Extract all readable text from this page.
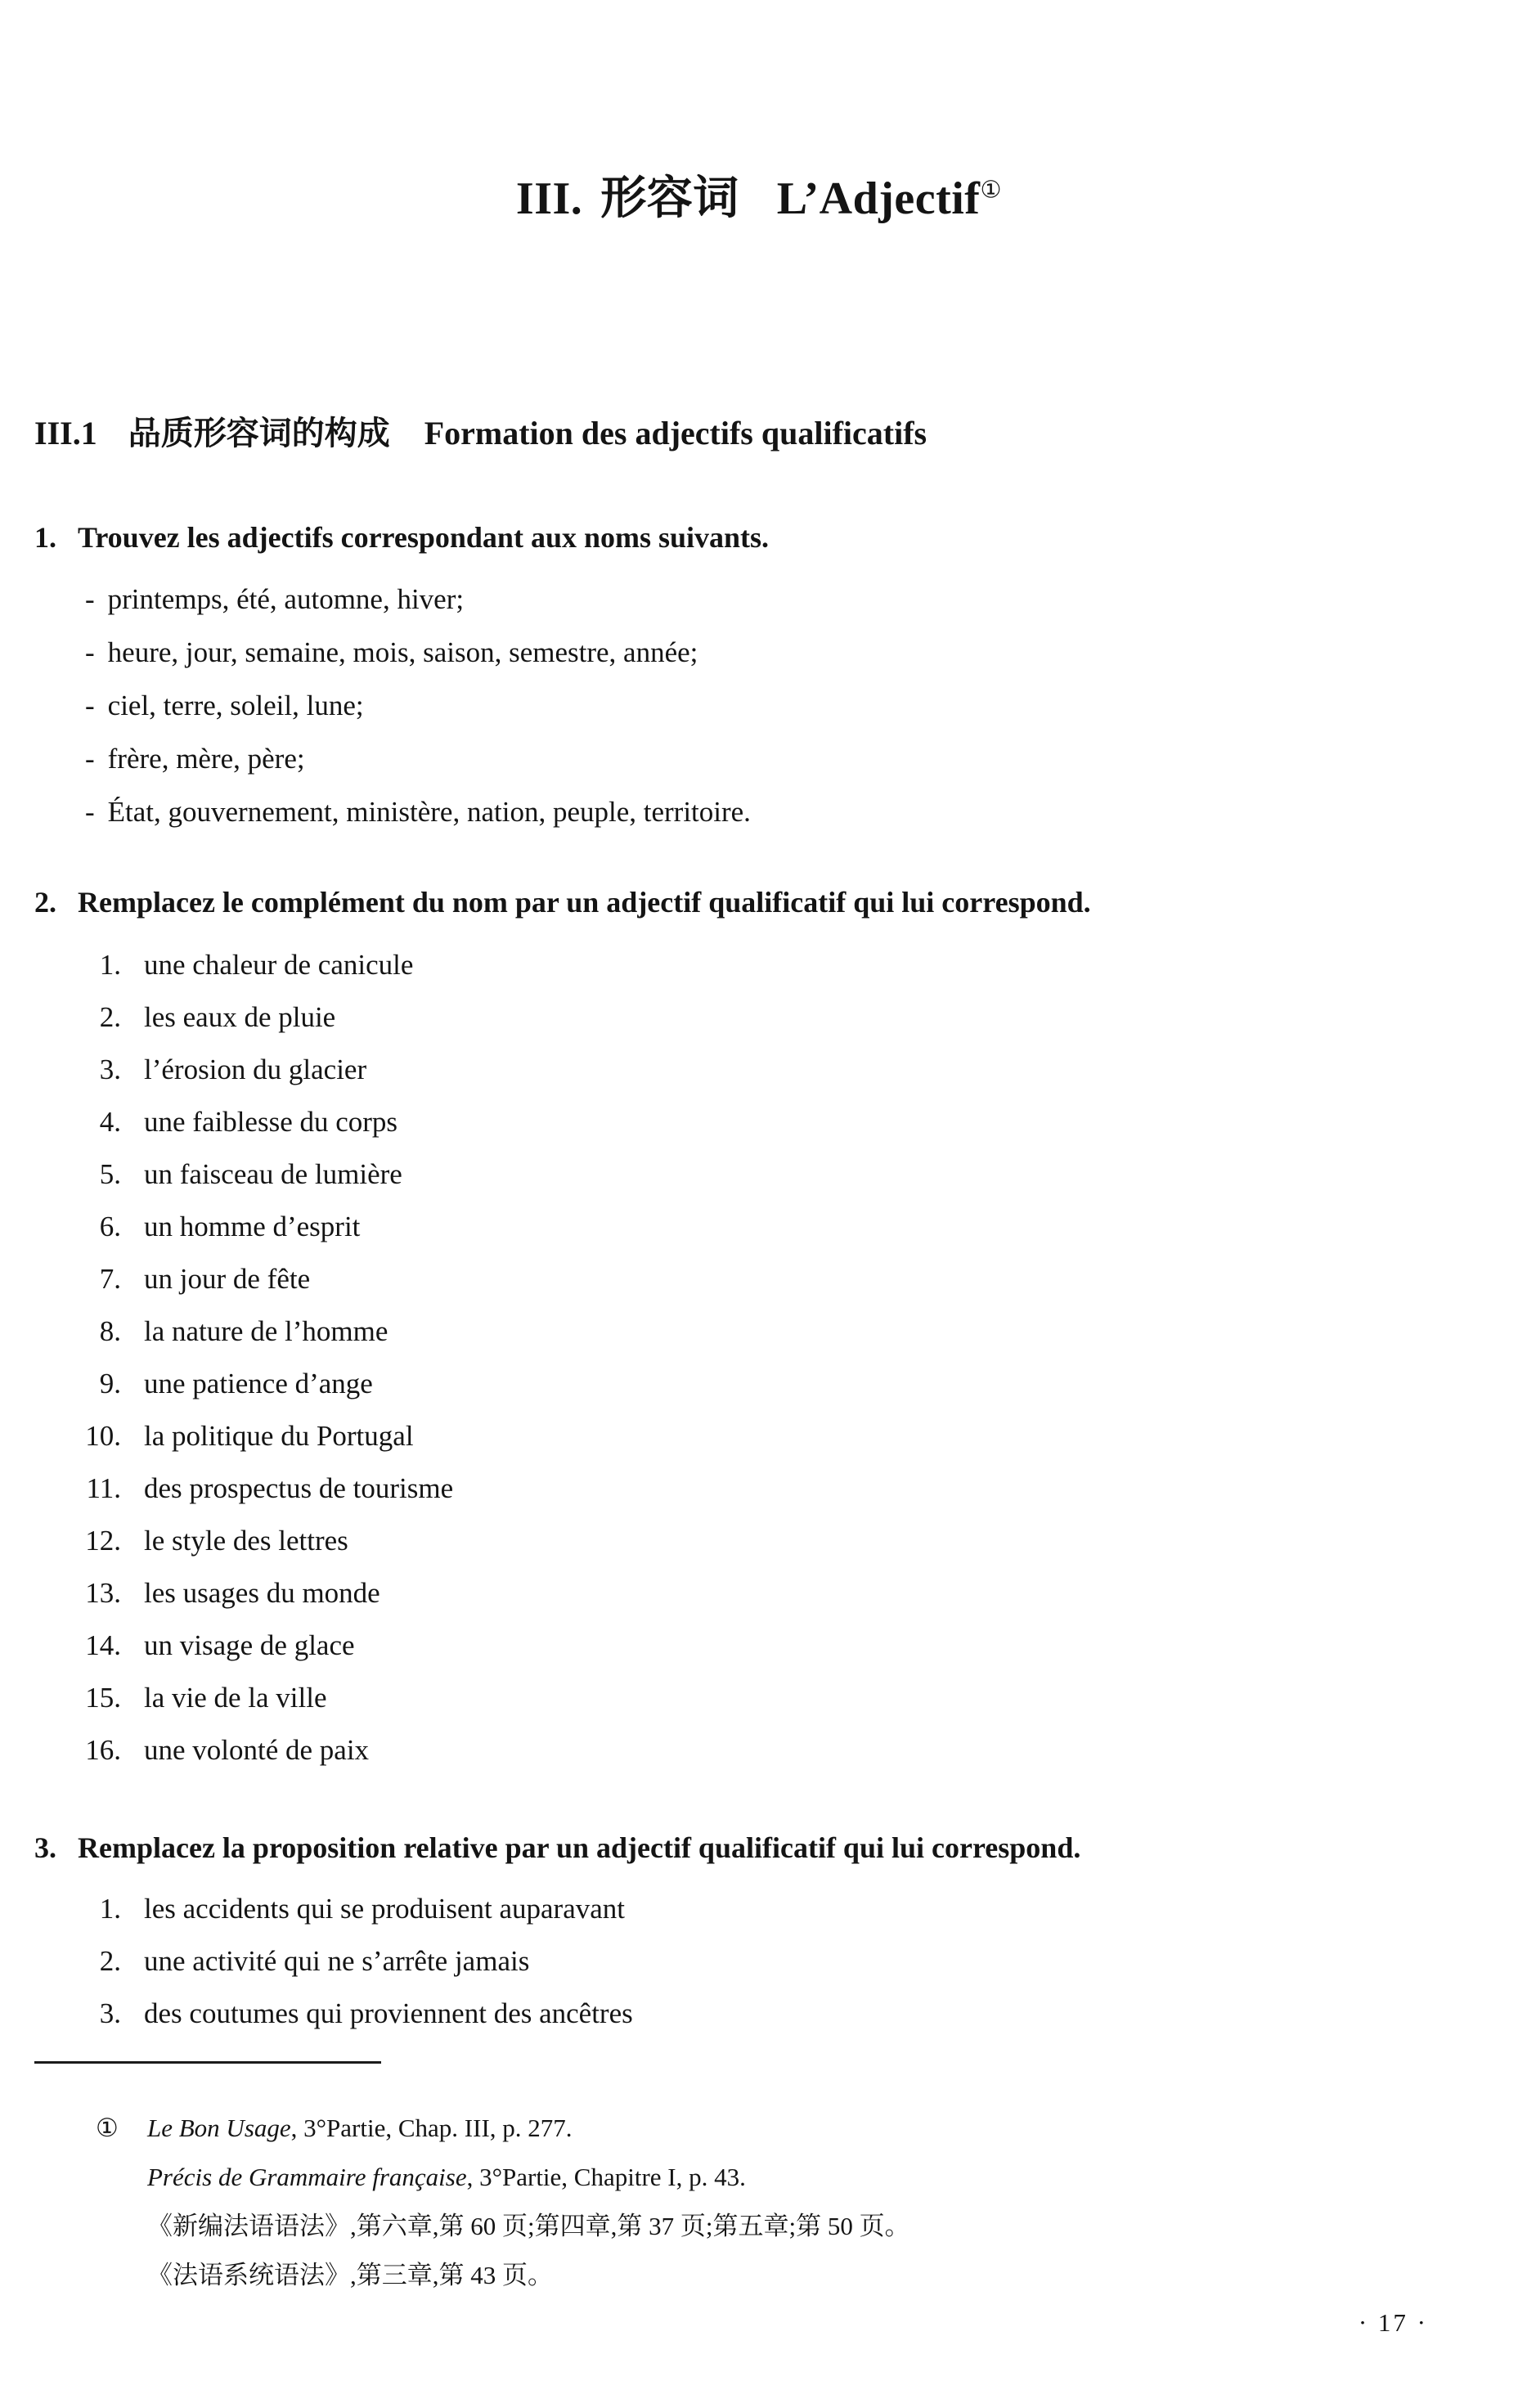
III. 形容词 L’Adjectif①
III.1 品质形容词的构成 Formation des adjectifs qualificatifs
1. Trouvez les adjectifs correspondant aux noms suivants.
- printemps, été, automne, hiver;
- heure, jour, semaine, mois, saison, semestre, année;
- ciel, terre, soleil, lune;
- frère, mère, père;
- État, gouvernement, ministère, nation, peuple, territoire.
2. Remplacez le complément du nom par un adjectif qualificatif qui lui correspond.
1. une chaleur de canicule
2. les eaux de pluie
3. l’érosion du glacier
4. une faiblesse du corps
5. un faisceau de lumière
6. un homme d’esprit
7. un jour de fête
8. la nature de l’homme
9. une patience d’ange
10. la politique du Portugal
11. des prospectus de tourisme
12. le style des lettres
13. les usages du monde
14. un visage de glace
15. la vie de la ville
16. une volonté de paix
3. Remplacez la proposition relative par un adjectif qualificatif qui lui correspond.
1. les accidents qui se produisent auparavant
2. une activité qui ne s’arrête jamais
3. des coutumes qui proviennent des ancêtres
①	Le Bon Usage, 3°Partie, Chap. III, p. 277.
Précis de Grammaire française, 3°Partie, Chapitre I, p. 43.
《新编法语语法》,第六章,第 60 页;第四章,第 37 页;第五章;第 50 页。
《法语系统语法》,第三章,第 43 页。
· 17 ·
